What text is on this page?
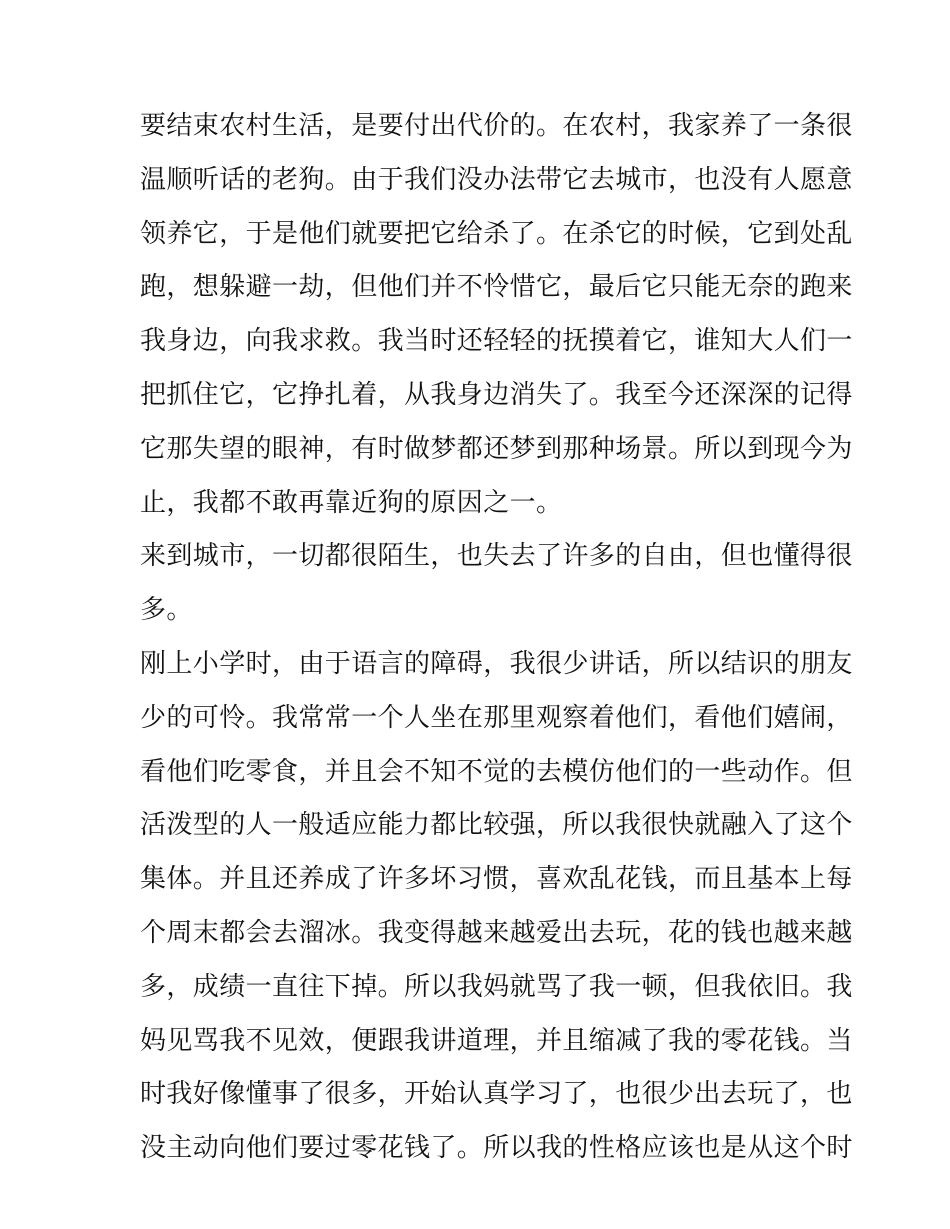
要结束农村生活，是要付出代价的。在农村，我家养了一条很
温顺听话的老狗。由于我们没办法带它去城市，也没有人愿意
领养它，于是他们就要把它给杀了。在杀它的时候，它到处乱
跑，想躲避一劫，但他们并不怜惜它，最后它只能无奈的跑来
我身边，向我求救。我当时还轻轻的抚摸着它，谁知大人们一
把抓住它，它挣扎着，从我身边消失了。我至今还深深的记得
它那失望的眼神，有时做梦都还梦到那种场景。所以到现今为
止，我都不敢再靠近狗的原因之一。
来到城市，一切都很陌生，也失去了许多的自由，但也懂得很
多。
刚上小学时，由于语言的障碍，我很少讲话，所以结识的朋友
少的可怜。我常常一个人坐在那里观察着他们，看他们嬉闹，
看他们吃零食，并且会不知不觉的去模仿他们的一些动作。但
活泼型的人一般适应能力都比较强，所以我很快就融入了这个
集体。并且还养成了许多坏习惯，喜欢乱花钱，而且基本上每
个周末都会去溜冰。我变得越来越爱出去玩，花的钱也越来越
多，成绩一直往下掉。所以我妈就骂了我一顿，但我依旧。我
妈见骂我不见效，便跟我讲道理，并且缩减了我的零花钱。当
时我好像懂事了很多，开始认真学习了，也很少出去玩了，也
没主动向他们要过零花钱了。所以我的性格应该也是从这个时
